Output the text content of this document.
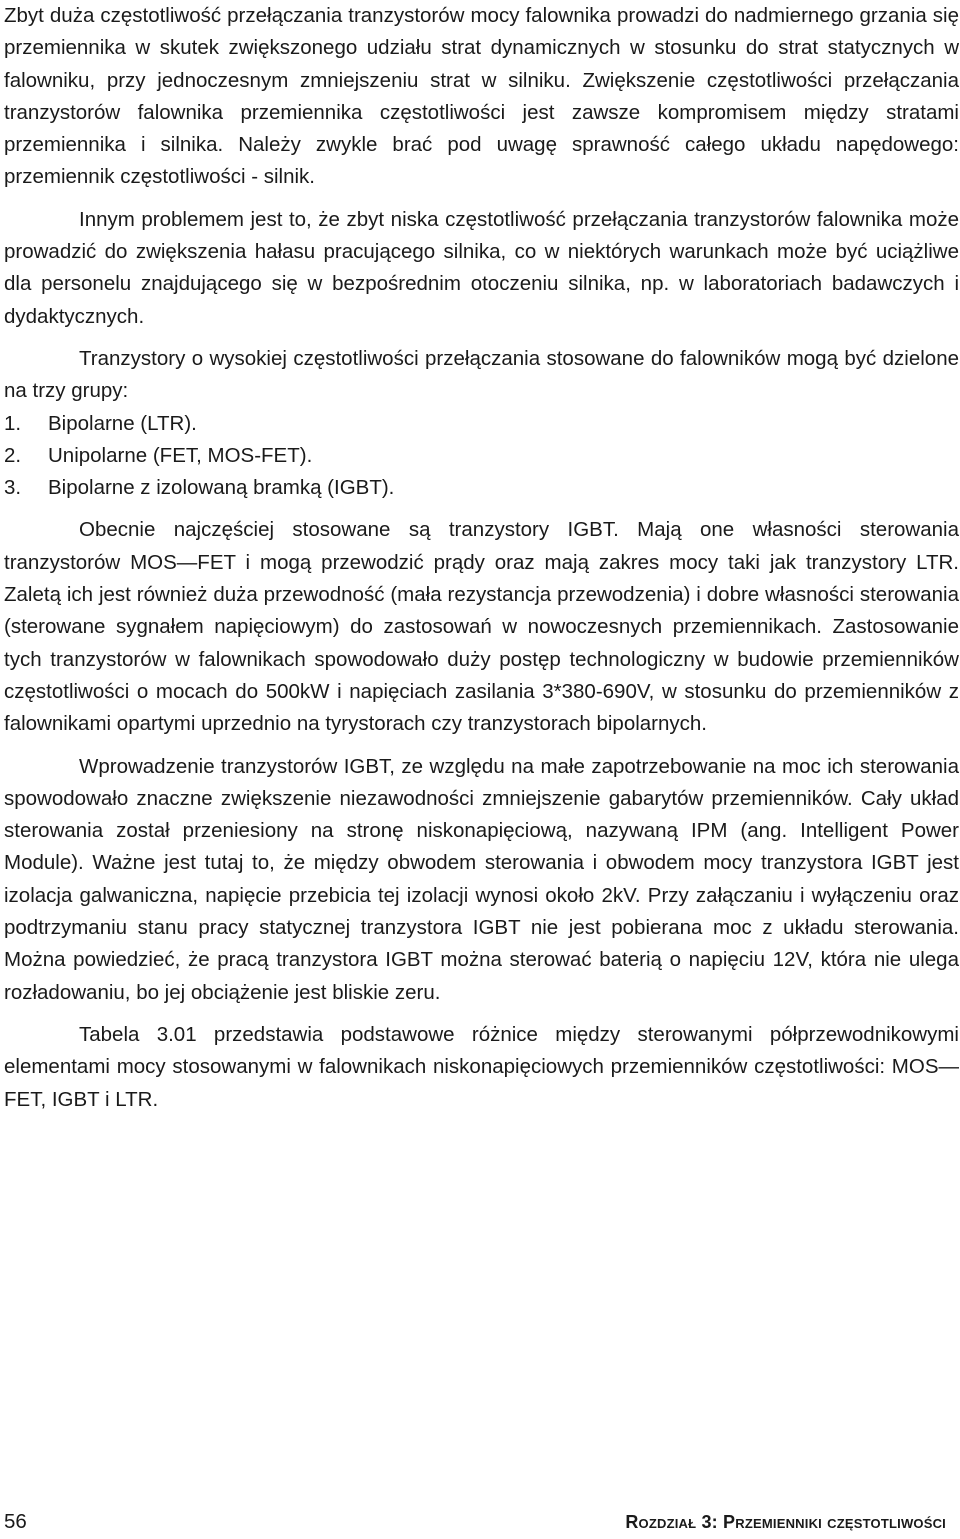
Zbyt duża częstotliwość przełączania tranzystorów mocy falownika prowadzi do nadmiernego grzania się przemiennika w skutek zwiększonego udziału strat dynamicznych w stosunku do strat statycznych w falowniku, przy jednoczesnym zmniejszeniu strat w silniku. Zwiększenie częstotliwości przełączania tranzystorów falownika przemiennika częstotliwości jest zawsze kompromisem między stratami przemiennika i silnika. Należy zwykle brać pod uwagę sprawność całego układu napędowego: przemiennik częstotliwości - silnik.

Innym problemem jest to, że zbyt niska częstotliwość przełączania tranzystorów falownika może prowadzić do zwiększenia hałasu pracującego silnika, co w niektórych warunkach może być uciążliwe dla personelu znajdującego się w bezpośrednim otoczeniu silnika, np. w laboratoriach badawczych i dydaktycznych.

Tranzystory o wysokiej częstotliwości przełączania stosowane do falowników mogą być dzielone na trzy grupy:

1.	Bipolarne (LTR).
2.	Unipolarne (FET, MOS-FET).
3.	Bipolarne z izolowaną bramką (IGBT).

Obecnie najczęściej stosowane są tranzystory IGBT. Mają one własności sterowania tranzystorów MOS—FET i mogą przewodzić prądy oraz mają zakres mocy taki jak tranzystory LTR. Zaletą ich jest również duża przewodność (mała rezystancja przewodzenia) i dobre własności sterowania (sterowane sygnałem napięciowym) do zastosowań w nowoczesnych przemiennikach. Zastosowanie tych tranzystorów w falownikach spowodowało duży postęp technologiczny w budowie przemienników częstotliwości o mocach do 500kW i napięciach zasilania 3*380-690V, w stosunku do przemienników z falownikami opartymi uprzednio na tyrystorach czy tranzystorach bipolarnych.

Wprowadzenie tranzystorów IGBT, ze względu na małe zapotrzebowanie na moc ich sterowania spowodowało znaczne zwiększenie niezawodności zmniejszenie gabarytów przemienników. Cały układ sterowania został przeniesiony na stronę niskonapięciową, nazywaną IPM (ang. Intelligent Power Module). Ważne jest tutaj to, że między obwodem sterowania i obwodem mocy tranzystora IGBT jest izolacja galwaniczna, napięcie przebicia tej izolacji wynosi około 2kV. Przy załączaniu i wyłączeniu oraz podtrzymaniu stanu pracy statycznej tranzystora IGBT nie jest pobierana moc z układu sterowania. Można powiedzieć, że pracą tranzystora IGBT można sterować baterią o napięciu 12V, która nie ulega rozładowaniu, bo jej obciążenie jest bliskie zeru.

Tabela 3.01 przedstawia podstawowe różnice między sterowanymi półprzewodnikowymi elementami mocy stosowanymi w falownikach niskonapięciowych przemienników częstotliwości: MOS—FET, IGBT i LTR.

56	Rozdział 3: Przemienniki częstotliwości
